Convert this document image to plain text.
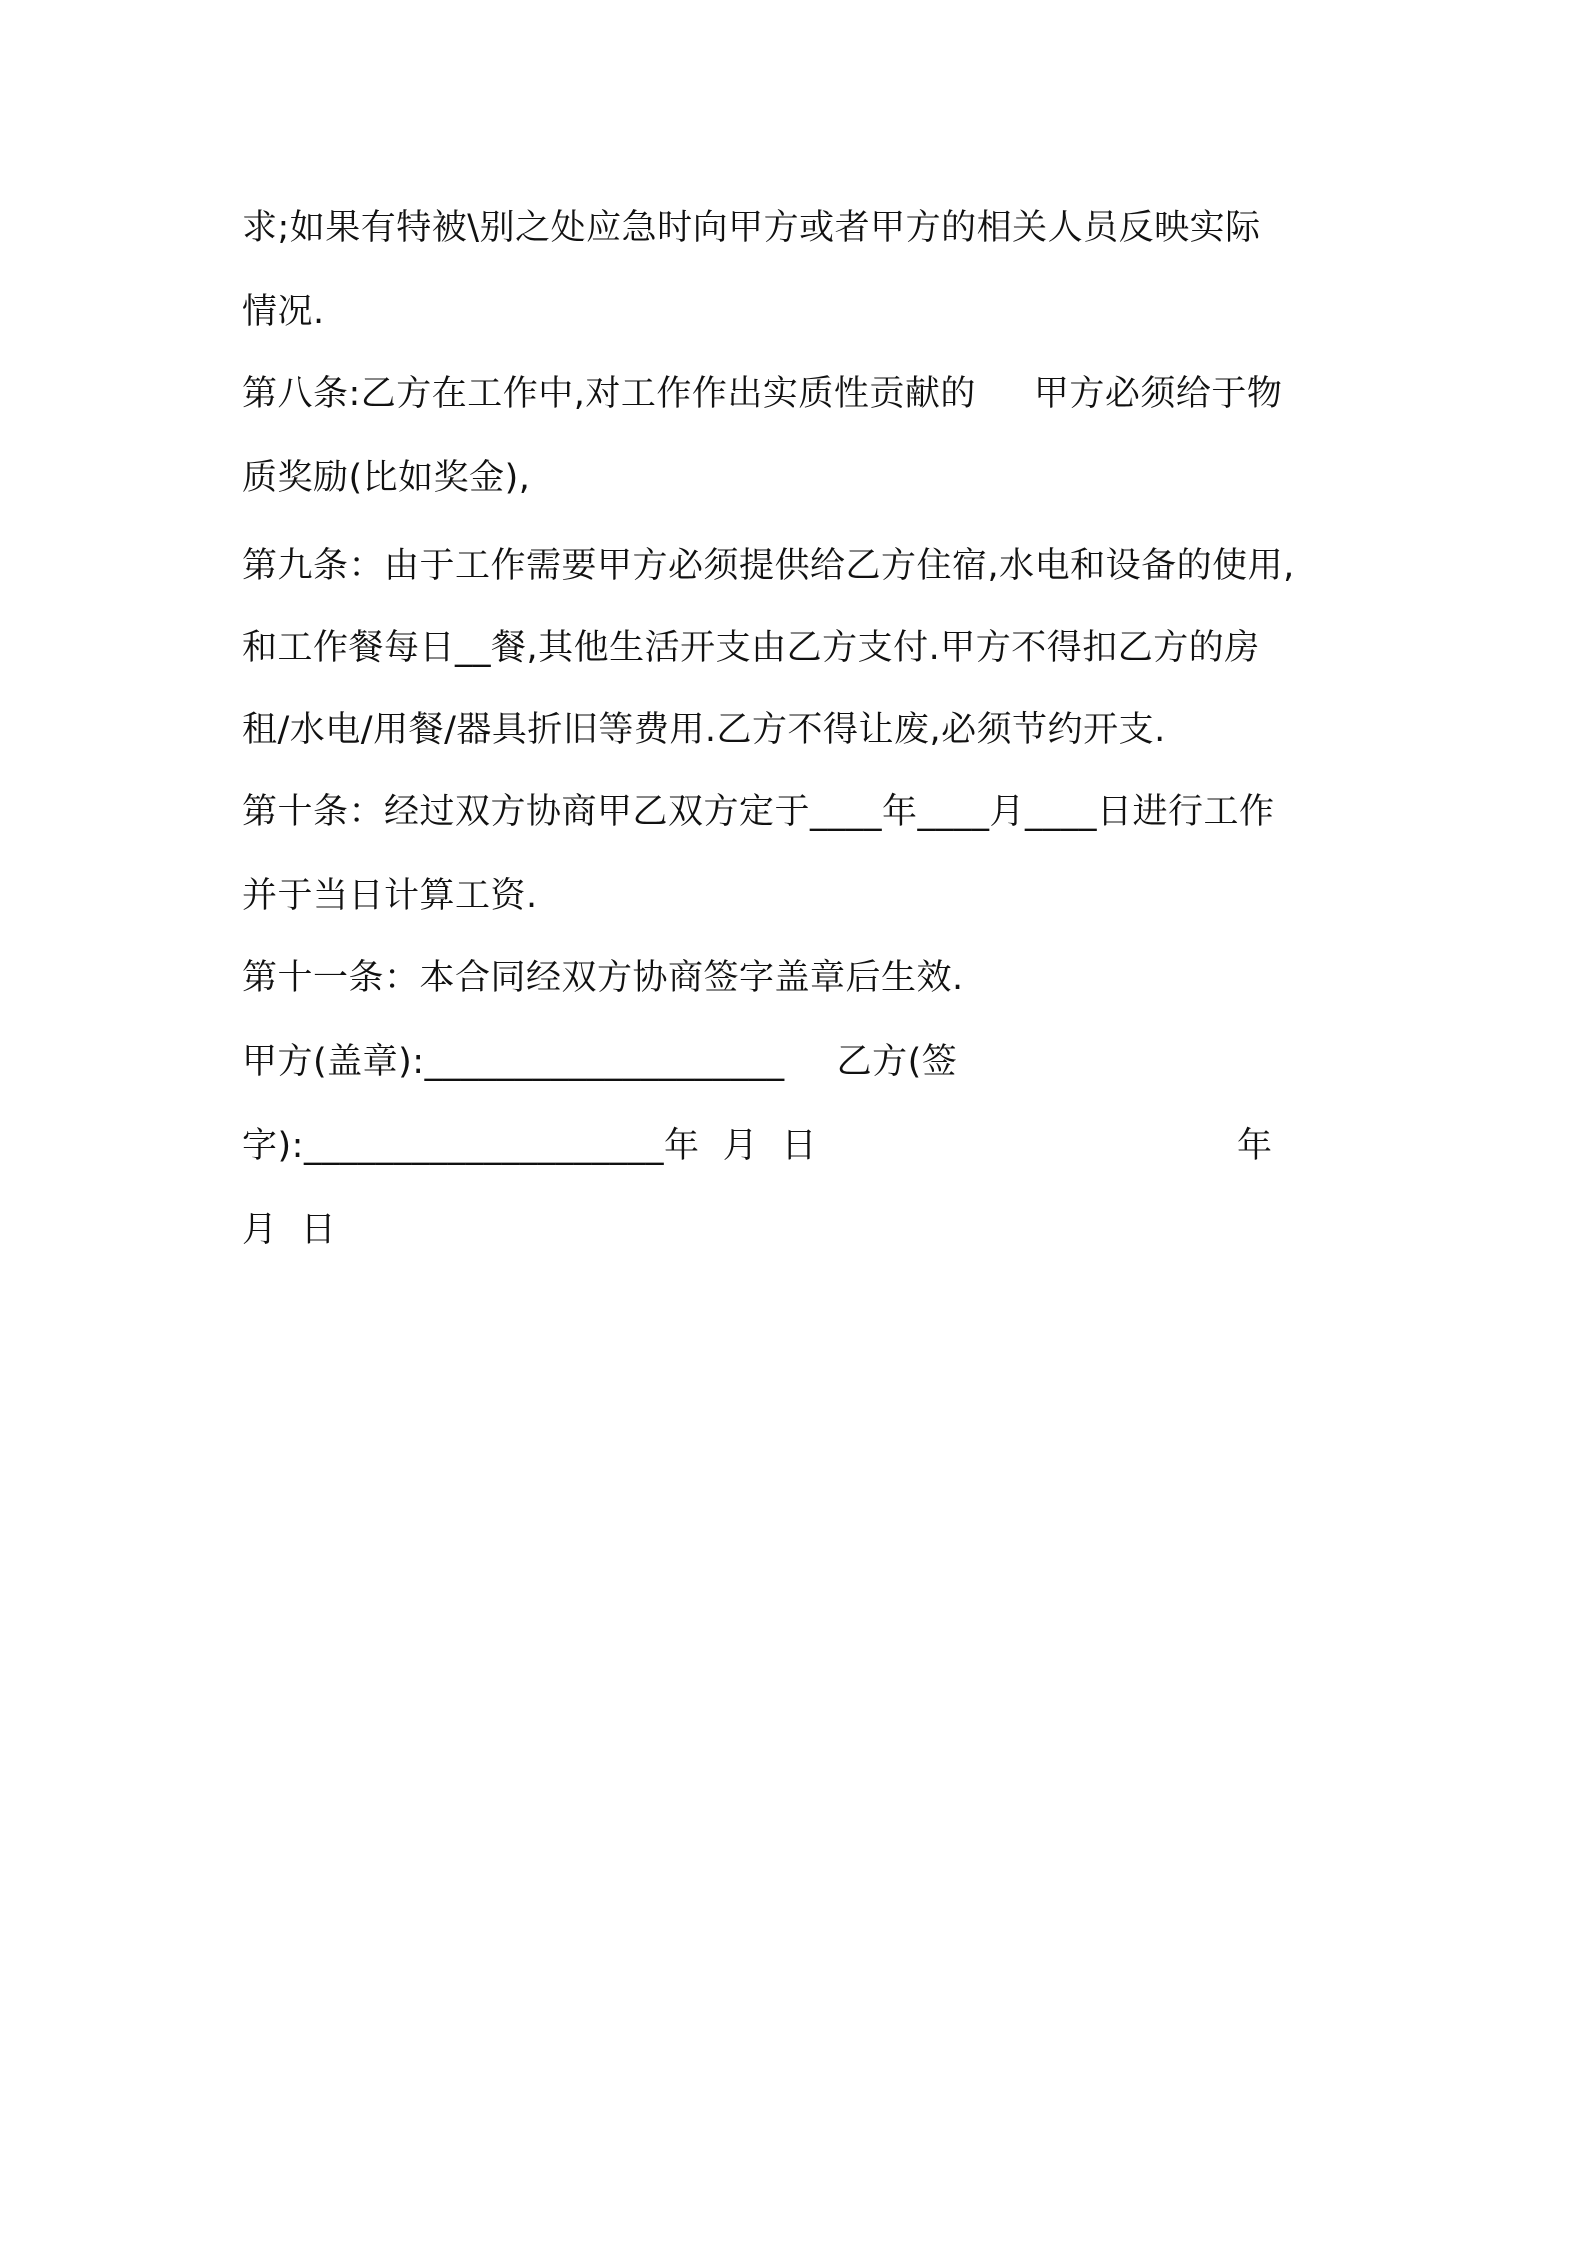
求;如果有特被\别之处应急时向甲方或者甲方的相关人员反映实际
情况.
第八条:乙方在工作中,对工作作出实质性贡献的 甲方必须给于物
质奖励(比如奖金),
第九条：由于工作需要甲方必须提供给乙方住宿,水电和设备的使用,
和工作餐每日__餐,其他生活开支由乙方支付.甲方不得扣乙方的房
租/水电/用餐/器具折旧等费用.乙方不得让废,必须节约开支.
第十条：经过双方协商甲乙双方定于____年____月____日进行工作
并于当日计算工资.
第十一条：本合同经双方协商签字盖章后生效.
甲方(盖章):____________________ 乙方(签
字):____________________年  月  日	年
月  日
